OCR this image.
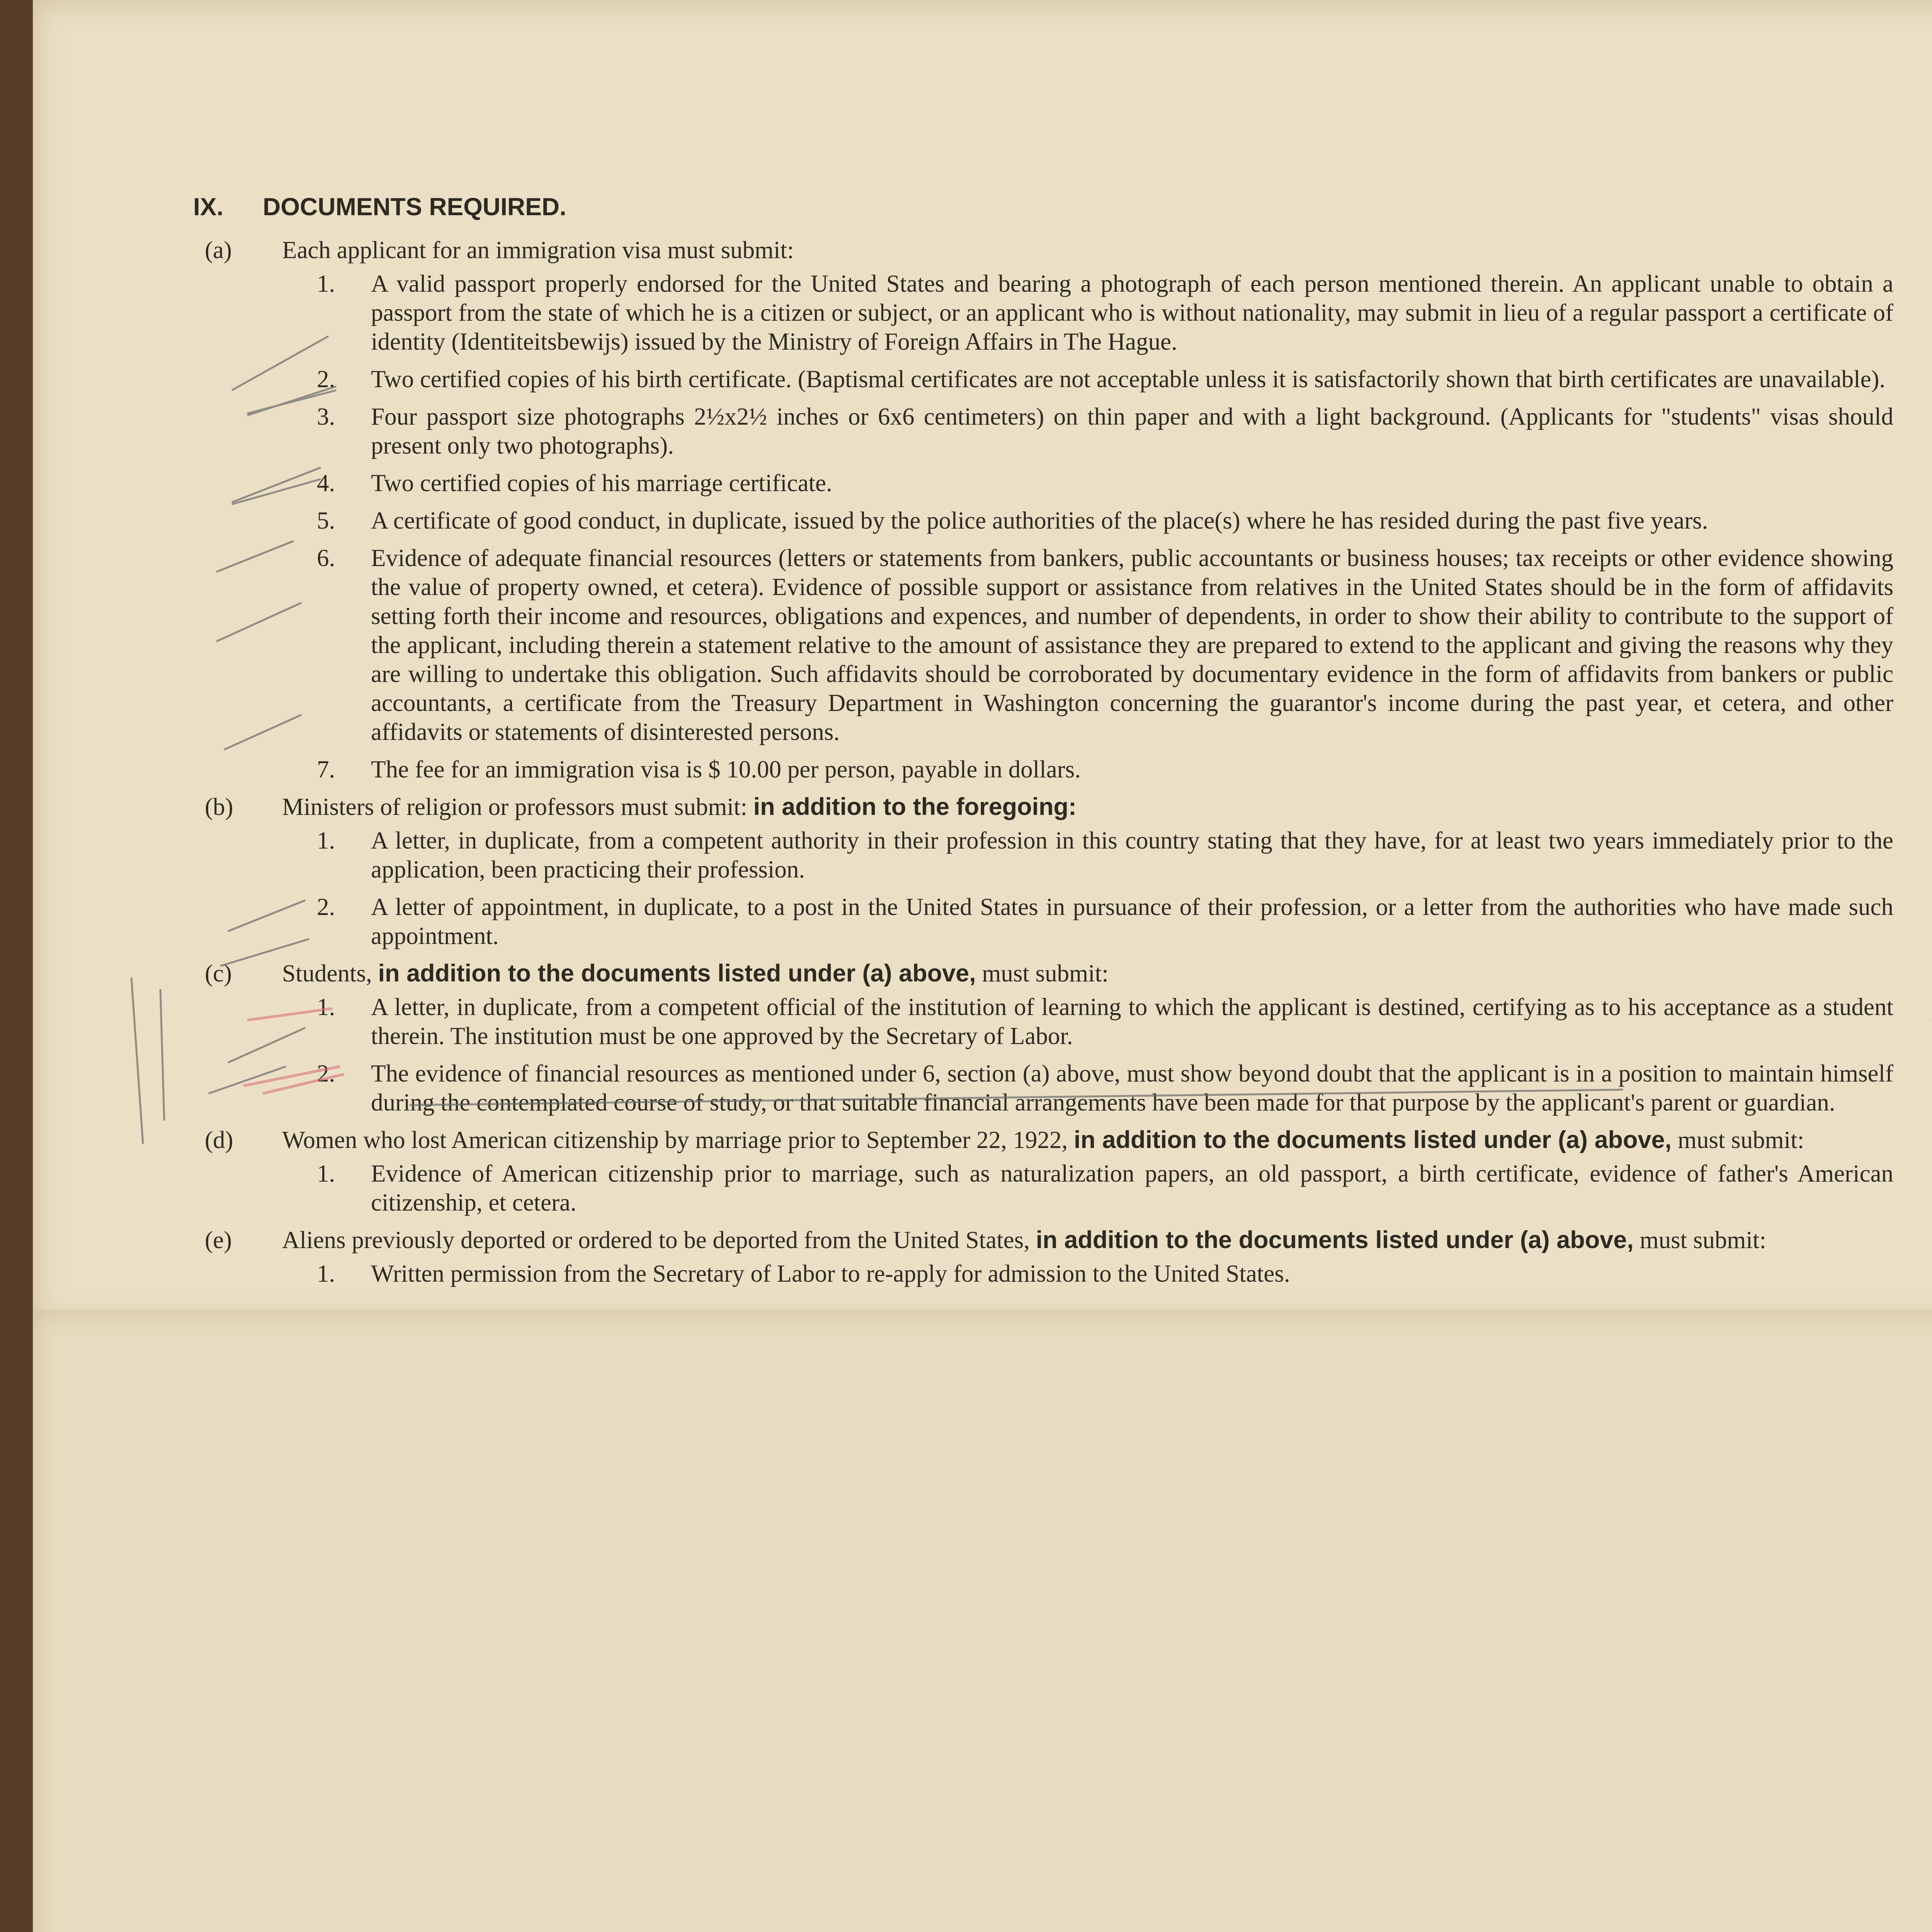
IX. DOCUMENTS REQUIRED.
(a) Each applicant for an immigration visa must submit:
1. A valid passport properly endorsed for the United States and bearing a photograph of each person mentioned therein. An applicant unable to obtain a passport from the state of which he is a citizen or subject, or an applicant who is without nationality, may submit in lieu of a regular passport a certificate of identity (Identiteitsbewijs) issued by the Ministry of Foreign Affairs in The Hague.
2. Two certified copies of his birth certificate. (Baptismal certificates are not acceptable unless it is satisfactorily shown that birth certificates are unavailable).
3. Four passport size photographs 2½x2½ inches or 6x6 centimeters) on thin paper and with a light background. (Applicants for "students" visas should present only two photographs).
4. Two certified copies of his marriage certificate.
5. A certificate of good conduct, in duplicate, issued by the police authorities of the place(s) where he has resided during the past five years.
6. Evidence of adequate financial resources (letters or statements from bankers, public accountants or business houses; tax receipts or other evidence showing the value of property owned, et cetera). Evidence of possible support or assistance from relatives in the United States should be in the form of affidavits setting forth their income and resources, obligations and expences, and number of dependents, in order to show their ability to contribute to the support of the applicant, including therein a statement relative to the amount of assistance they are prepared to extend to the applicant and giving the reasons why they are willing to undertake this obligation. Such affidavits should be corroborated by documentary evidence in the form of affidavits from bankers or public accountants, a certificate from the Treasury Department in Washington concerning the guarantor's income during the past year, et cetera, and other affidavits or statements of disinterested persons.
7. The fee for an immigration visa is $ 10.00 per person, payable in dollars.
(b) Ministers of religion or professors must submit: in addition to the foregoing:
1. A letter, in duplicate, from a competent authority in their profession in this country stating that they have, for at least two years immediately prior to the application, been practicing their profession.
2. A letter of appointment, in duplicate, to a post in the United States in pursuance of their profession, or a letter from the authorities who have made such appointment.
(c) Students, in addition to the documents listed under (a) above, must submit:
1. A letter, in duplicate, from a competent official of the institution of learning to which the applicant is destined, certifying as to his acceptance as a student therein. The institution must be one approved by the Secretary of Labor.
2. The evidence of financial resources as mentioned under 6, section (a) above, must show beyond doubt that the applicant is in a position to maintain himself during the contemplated course of study, or that suitable financial arrangements have been made for that purpose by the applicant's parent or guardian.
(d) Women who lost American citizenship by marriage prior to September 22, 1922, in addition to the documents listed under (a) above, must submit:
1. Evidence of American citizenship prior to marriage, such as naturalization papers, an old passport, a birth certificate, evidence of father's American citizenship, et cetera.
(e) Aliens previously deported or ordered to be deported from the United States, in addition to the documents listed under (a) above, must submit:
1. Written permission from the Secretary of Labor to re-apply for admission to the United States.
